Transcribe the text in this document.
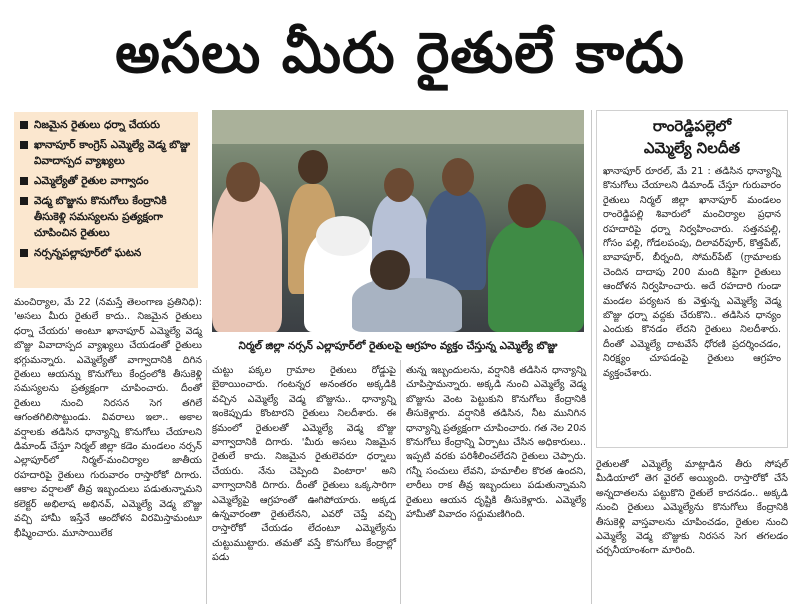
అసలు మీరు రైతులే కాదు
నిజమైన రైతులు ధర్నా చేయరు
ఖానాపూర్ కాంగ్రెస్ ఎమ్మెల్యే వెడ్మ బొజ్జు వివాదాస్పద వ్యాఖ్యలు
ఎమ్మెల్యేతో రైతుల వాగ్వాదం
వెడ్మ బొజ్జును కొనుగోలు కేంద్రానికి తీసుకెళ్లి సమస్యలను ప్రత్యక్షంగా చూపించిన రైతులు
నర్సన్నపల్లాపూర్‌లో ఘటన
నిర్మల్ జిల్లా నర్సన్ ఎల్లాపూర్‌లో రైతులపై ఆగ్రహం వ్యక్తం చేస్తున్న ఎమ్మెల్యే బొజ్జు
రాంరెడ్డిపల్లెలో
ఎమ్మెల్యే నిలదీత
ఖానాపూర్ రూరల్, మే 21 : తడిసిన ధాన్యాన్ని కొనుగోలు చేయాలని డిమాండ్ చేస్తూ గురువారం రైతులు నిర్మల్ జిల్లా ఖానాపూర్ మండలం రాంరెడ్డిపల్లి శివారులో మంచిర్యాల ప్రధాన రహదారిపై ధర్నా నిర్వహించారు. సత్తనపల్లి, గోసం పల్లి, గోడలపంపు, దిలావర్‌పూర్, కొత్తపేట్, బావాపూర్, బీర్నంది, సోమర్‌పేట్ (గ్రామాలకు చెందిన దాదాపు 200 మంది కిపైగా రైతులు ఆందోళన నిర్వహించారు. అదే రహదారి గుండా మండల పర్యటన కు వెళ్తున్న ఎమ్మెల్యే వెడ్మ బొజ్జు ధర్నా వద్దకు చేరుకొని.. తడిసిన ధాన్యం ఎందుకు కొనడం లేదని రైతులు నిలదీశారు. దీంతో ఎమ్మెల్యే దాటవేసే ధోరణి ప్రదర్శించడం, నిరక్ష్యం చూపడంపై రైతులు ఆగ్రహం వ్యక్తంచేశారు.
మంచిర్యాల, మే 22 (నమస్తే తెలంగాణ ప్రతినిధి): 'అసలు మీరు రైతులే కాదు.. నిజమైన రైతులు ధర్నా చేయరు' అంటూ ఖానాపూర్ ఎమ్మెల్యే వెడ్మ బొజ్జు వివాదాస్పద వ్యాఖ్యలు చేయడంతో రైతులు భగ్గుమన్నారు. ఎమ్మెల్యేతో వాగ్వాదానికి దిగిన రైతులు ఆయన్ను కొనుగోలు కేంద్రంలోకి తీసుకెళ్లి సమస్యలను ప్రత్యక్షంగా చూపించారు. దీంతో రైతులు నుంచి నిరసన సెగ తగిలే ఆగంతగిలిసొట్టుండు. వివరాలు ఇలా.. అకాల వర్షాలకు తడిసిన ధాన్యాన్ని కొనుగోలు చేయాలని డిమాండ్ చేస్తూ నిర్మల్ జిల్లా కడెం మండలం నర్సన్ ఎల్లాపూర్‌లో నిర్మల్-మంచిర్యాల జాతీయ రహదారిపై రైతులు గురువారం రాస్తారోకో దిగారు. ఆకాల వర్షాలతో తీవ్ర ఇబ్బందులు పడుతున్నామని కలెక్టర్ అభిలాష అభినవ్, ఎమ్మెల్యే వెడ్మ బొజ్జు వచ్చి హామీ ఇస్తేనే ఆందోళన విరమిస్తామంటూ భీష్మించారు. మూసాయిలేక
చుట్టు పక్కల గ్రామాల రైతులు రోడ్డుపై బైఠాయించారు. గంటన్నర అనంతరం అక్కడికి వచ్చిన ఎమ్మెల్యే వెడ్మ బొజ్జును.. ధాన్యాన్ని ఇంకెప్పుడు కొంటారని రైతులు నిలదీశారు. ఈ క్రమంలో రైతులతో ఎమ్మెల్యే వెడ్మ బొజ్జు వాగ్వాదానికి దిగారు. 'మీరు అసలు నిజమైన రైతులే కాదు. నిజమైన రైతులెవరూ ధర్నాలు చేయరు. నేను చెప్పింది వింటారా' అని వాగ్వాదానికి దిగారు. దీంతో రైతులు ఒక్కసారిగా ఎమ్మెల్యేపై ఆగ్రహంతో ఊగిపోయారు. అక్కడ ఉన్నవారంతా రైతులేనని, ఎవరో చెప్తే వచ్చి రాస్తారోకో చేయడం లేదంటూ ఎమ్మెల్యేను చుట్టుముట్టారు. తమతో వస్తే కొనుగోలు కేంద్రాల్లో పడు
తున్న ఇబ్బందులను, వర్షానికి తడిసిన ధాన్యాన్ని చూపిస్తామన్నారు. అక్కడి నుంచి ఎమ్మెల్యే వెడ్మ బొజ్జును వెంట పెట్టుకుని కొనుగోలు కేంద్రానికి తీసుకెళ్లారు. వర్షానికి తడిసిన, నీట మునిగిన ధాన్యాన్ని ప్రత్యక్షంగా చూపించారు. గత నెల 20న కొనుగోలు కేంద్రాన్ని ఏర్పాటు చేసిన అధికారులు.. ఇప్పటి వరకు పరిశీలించలేదని రైతులు చెప్పారు. గన్నీ సంచులు లేవని, హమాలీల కొరత ఉందని, లారీలు రాక తీవ్ర ఇబ్బందులు పడుతున్నామని రైతులు ఆయన దృష్టికి తీసుకెళ్లారు. ఎమ్మెల్యే హామీతో వివాదం సద్దుమణిగింది.
రైతులతో ఎమ్మెల్యే మాట్లాడిన తీరు సోషల్ మీడియాలో తెగ వైరల్ అయ్యింది. రాస్తారోకో చేసే అన్నదాతలను పట్టుకొని రైతులే కాదనడం.. అక్కడి నుంచి రైతులు ఎమ్మెల్యేను కొనుగోలు కేంద్రానికి తీసుకెళ్లి వాస్తవాలను చూపించడం, రైతుల నుంచి ఎమ్మెల్యే వెడ్మ బొజ్జుకు నిరసన సెగ తగలడం చర్చనీయాంశంగా మారింది.
